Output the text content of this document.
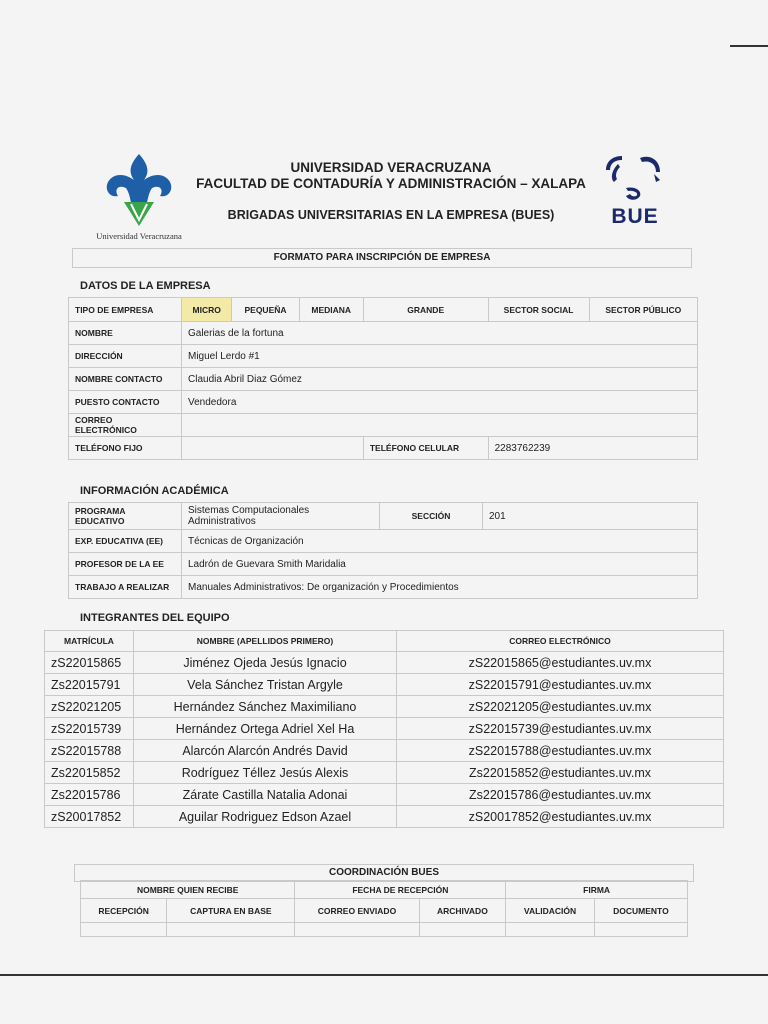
Universidad Veracruzana
UNIVERSIDAD VERACRUZANA
FACULTAD DE CONTADURÍA Y ADMINISTRACIÓN – XALAPA
BRIGADAS UNIVERSITARIAS EN LA EMPRESA (BUES)	BUE
FORMATO PARA INSCRIPCIÓN DE EMPRESA
DATOS DE LA EMPRESA
TIPO DE EMPRESA	MICRO	PEQUEÑA	MEDIANA	GRANDE	SECTOR SOCIAL	SECTOR PÚBLICO
NOMBRE	Galerias de la fortuna					
DIRECCIÓN	Miguel Lerdo #1					
NOMBRE CONTACTO	Claudia Abril Diaz Gómez					
PUESTO CONTACTO	Vendedora					
CORREO ELECTRÓNICO						
TELÉFONO FIJO				TELÉFONO CELULAR	2283762239	
INFORMACIÓN ACADÉMICA
PROGRAMA EDUCATIVO	Sistemas Computacionales
Administrativos	SECCIÓN	201
EXP. EDUCATIVA (EE)	Técnicas de Organización		
PROFESOR DE LA EE	Ladrón de Guevara Smith Maridalia		
TRABAJO A REALIZAR	Manuales Administrativos: De organización y Procedimientos		
INTEGRANTES DEL EQUIPO
MATRÍCULA	NOMBRE (APELLIDOS PRIMERO)	CORREO ELECTRÓNICO
zS22015865	Jiménez Ojeda Jesús Ignacio	zS22015865@estudiantes.uv.mx
Zs22015791	Vela Sánchez Tristan Argyle	zS22015791@estudiantes.uv.mx
zS22021205	Hernández Sánchez Maximiliano	zS22021205@estudiantes.uv.mx
zS22015739	Hernández Ortega Adriel Xel Ha	zS22015739@estudiantes.uv.mx
zS22015788	Alarcón Alarcón Andrés David	zS22015788@estudiantes.uv.mx
Zs22015852	Rodríguez Téllez Jesús Alexis	Zs22015852@estudiantes.uv.mx
Zs22015786	Zárate Castilla Natalia Adonai	Zs22015786@estudiantes.uv.mx
zS20017852	Aguilar Rodriguez Edson Azael	zS20017852@estudiantes.uv.mx
COORDINACIÓN BUES
NOMBRE QUIEN RECIBE		FECHA DE RECEPCIÓN		FIRMA	
RECEPCIÓN	CAPTURA EN BASE	CORREO ENVIADO	ARCHIVADO	VALIDACIÓN	DOCUMENTO
